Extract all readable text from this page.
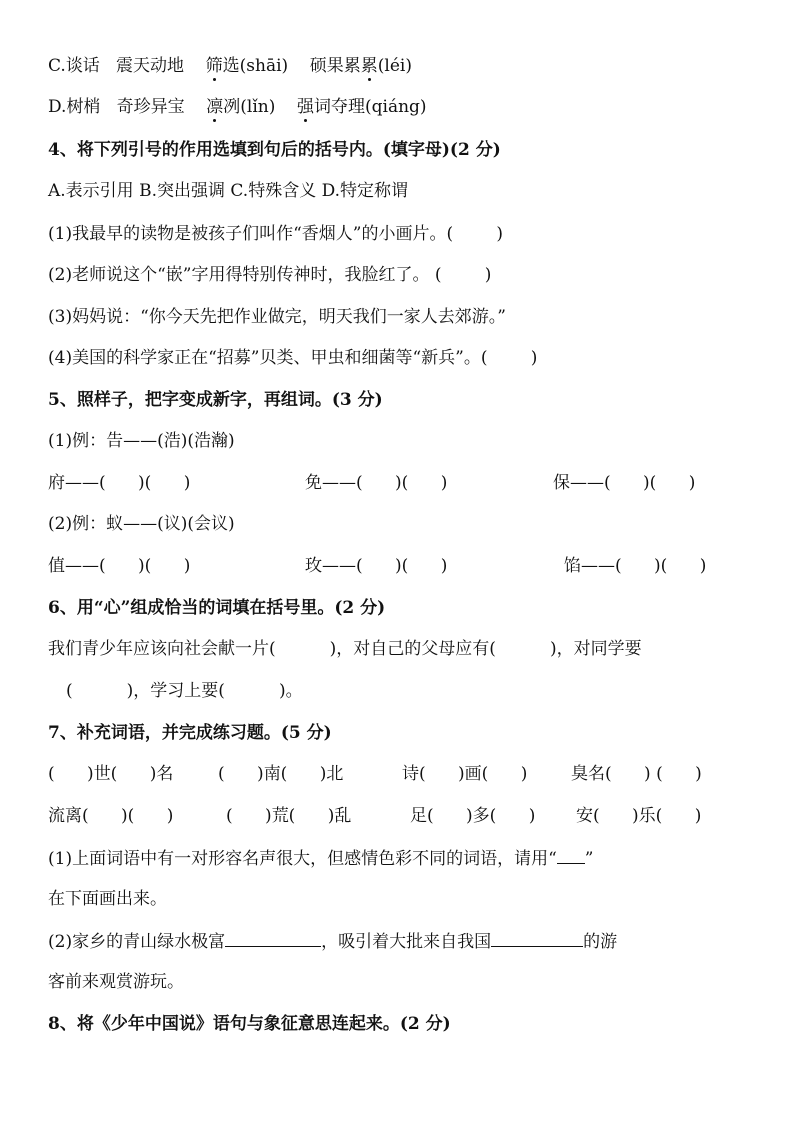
C.谈话 震天动地 筛选(shāi) 硕果累累(léi)
D.树梢 奇珍异宝 凛冽(lǐn) 强词夺理(qiáng)
4、将下列引号的作用选填到句后的括号内。(填字母)(2 分)
A.表示引用 B.突出强调 C.特殊含义 D.特定称谓
(1)我最早的读物是被孩子们叫作“香烟人”的小画片。(        )
(2)老师说这个“嵌”字用得特别传神时，我脸红了。 (        )
(3)妈妈说：“你今天先把作业做完，明天我们一家人去郊游。”
(4)美国的科学家正在“招募”贝类、甲虫和细菌等“新兵”。(        )
5、照样子，把字变成新字，再组词。(3 分)
(1)例：告——(浩)(浩瀚)
府——(      )(      )	免——(      )(      )	保——(      )(      )
(2)例：蚁——(议)(会议)
值——(      )(      )	玫——(      )(      )	馅——(      )(      )
6、用“心”组成恰当的词填在括号里。(2 分)
我们青少年应该向社会献一片(          )，对自己的父母应有(          )，对同学要
(          )，学习上要(          )。
7、补充词语，并完成练习题。(5 分)
(      )世(      )名	(      )南(      )北	诗(      )画(      )	臭名(      ) (      )
流离(      )(      )	(      )荒(      )乱	足(      )多(      ) 安(      )乐(      )
(1)上面词语中有一对形容名声很大，但感情色彩不同的词语，请用“ ”
在下面画出来。
(2)家乡的青山绿水极富	，吸引着大批来自我国	的游
客前来观赏游玩。
8、将《少年中国说》语句与象征意思连起来。(2 分)
